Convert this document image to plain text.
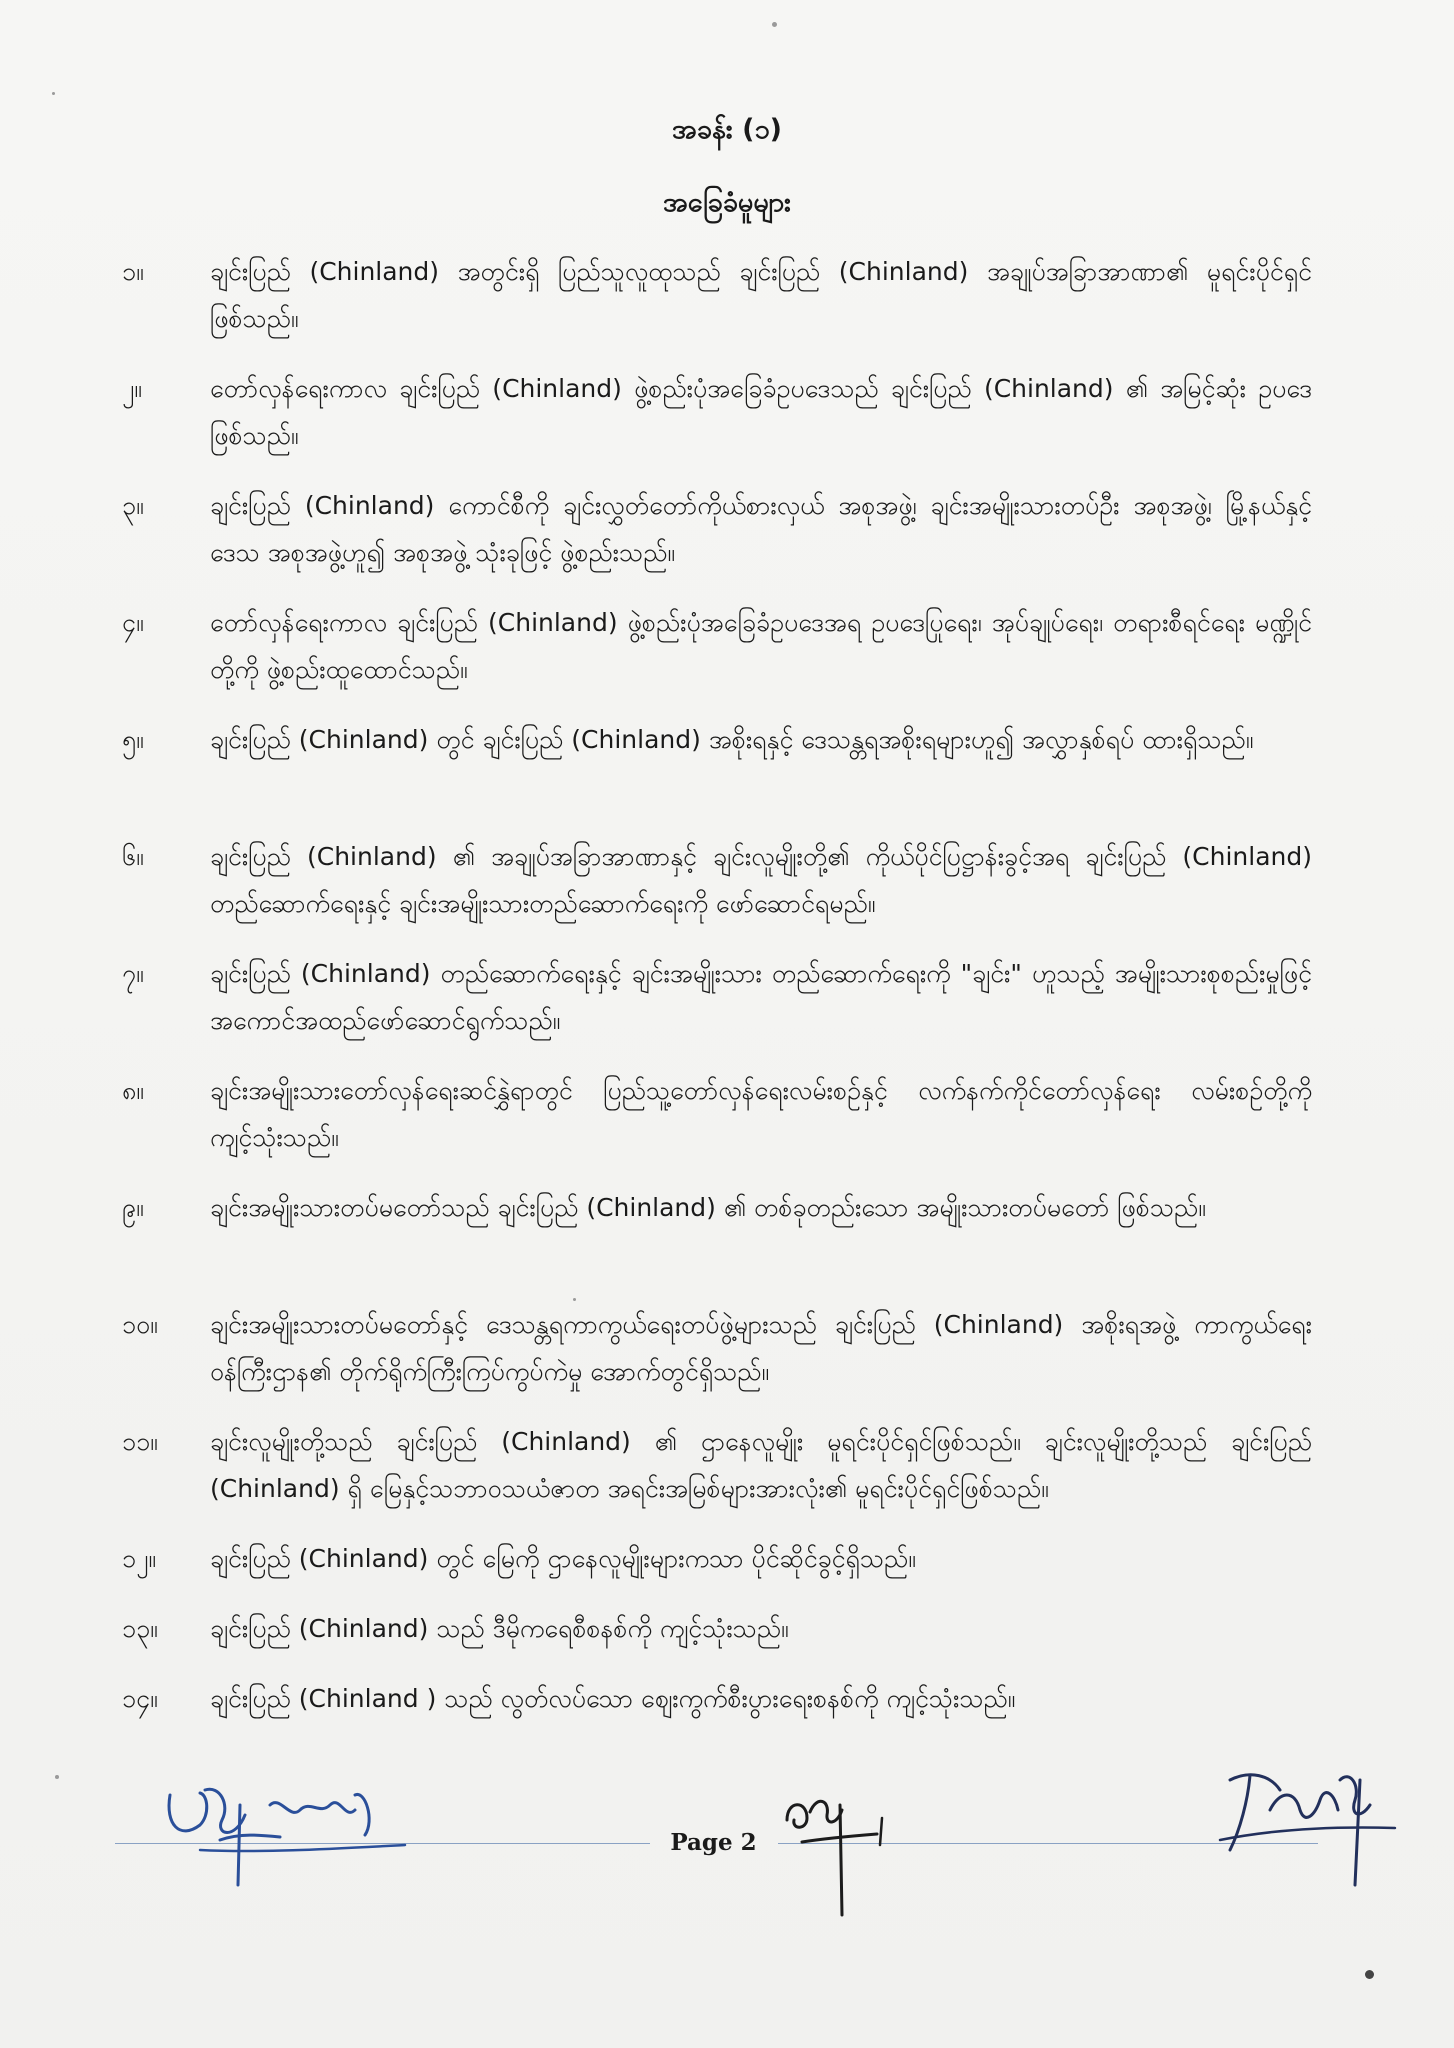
အခန်း (၁)
အခြေခံမူများ
၁။	ချင်းပြည် (Chinland) အတွင်းရှိ ပြည်သူလူထုသည် ချင်းပြည် (Chinland) အချုပ်အခြာအာဏာ၏ မူရင်းပိုင်ရှင် ဖြစ်သည်။
၂။	တော်လှန်ရေးကာလ ချင်းပြည် (Chinland) ဖွဲ့စည်းပုံအခြေခံဥပဒေသည် ချင်းပြည် (Chinland) ၏ အမြင့်ဆုံး ဥပဒေဖြစ်သည်။
၃။	ချင်းပြည် (Chinland) ကောင်စီကို ချင်းလွှတ်တော်ကိုယ်စားလှယ် အစုအဖွဲ့၊ ချင်းအမျိုးသားတပ်ဦး အစုအဖွဲ့၊ မြို့နယ်နှင့်ဒေသ အစုအဖွဲ့ဟူ၍ အစုအဖွဲ့ သုံးခုဖြင့် ဖွဲ့စည်းသည်။
၄။	တော်လှန်ရေးကာလ ချင်းပြည် (Chinland) ဖွဲ့စည်းပုံအခြေခံဥပဒေအရ ဥပဒေပြုရေး၊ အုပ်ချုပ်ရေး၊ တရားစီရင်ရေး မဏ္ဍိုင်တို့ကို ဖွဲ့စည်းထူထောင်သည်။
၅။	ချင်းပြည် (Chinland) တွင် ချင်းပြည် (Chinland) အစိုးရနှင့် ဒေသန္တရအစိုးရများဟူ၍ အလွှာနှစ်ရပ် ထားရှိသည်။
၆။	ချင်းပြည် (Chinland) ၏ အချုပ်အခြာအာဏာနှင့် ချင်းလူမျိုးတို့၏ ကိုယ်ပိုင်ပြဋ္ဌာန်းခွင့်အရ ချင်းပြည် (Chinland) တည်ဆောက်ရေးနှင့် ချင်းအမျိုးသားတည်ဆောက်ရေးကို ဖော်ဆောင်ရမည်။
၇။	ချင်းပြည် (Chinland) တည်ဆောက်ရေးနှင့် ချင်းအမျိုးသား တည်ဆောက်ရေးကို "ချင်း" ဟူသည့် အမျိုးသားစုစည်းမှုဖြင့် အကောင်အထည်ဖော်ဆောင်ရွက်သည်။
၈။	ချင်းအမျိုးသားတော်လှန်ရေးဆင်နွှဲရာတွင် ပြည်သူ့တော်လှန်ရေးလမ်းစဉ်နှင့် လက်နက်ကိုင်တော်လှန်ရေး လမ်းစဉ်တို့ကို ကျင့်သုံးသည်။
၉။	ချင်းအမျိုးသားတပ်မတော်သည် ချင်းပြည် (Chinland) ၏ တစ်ခုတည်းသော အမျိုးသားတပ်မတော် ဖြစ်သည်။
၁၀။	ချင်းအမျိုးသားတပ်မတော်နှင့် ဒေသန္တရကာကွယ်ရေးတပ်ဖွဲ့များသည် ချင်းပြည် (Chinland) အစိုးရအဖွဲ့ ကာကွယ်ရေး ဝန်ကြီးဌာန၏ တိုက်ရိုက်ကြီးကြပ်ကွပ်ကဲမှု အောက်တွင်ရှိသည်။
၁၁။	ချင်းလူမျိုးတို့သည် ချင်းပြည် (Chinland) ၏ ဌာနေလူမျိုး မူရင်းပိုင်ရှင်ဖြစ်သည်။ ချင်းလူမျိုးတို့သည် ချင်းပြည် (Chinland) ရှိ မြေနှင့်သဘာဝသယံဇာတ အရင်းအမြစ်များအားလုံး၏ မူရင်းပိုင်ရှင်ဖြစ်သည်။
၁၂။	ချင်းပြည် (Chinland) တွင် မြေကို ဌာနေလူမျိုးများကသာ ပိုင်ဆိုင်ခွင့်ရှိသည်။
၁၃။	ချင်းပြည် (Chinland) သည် ဒီမိုကရေစီစနစ်ကို ကျင့်သုံးသည်။
၁၄။	ချင်းပြည် (Chinland ) သည် လွတ်လပ်သော ဈေးကွက်စီးပွားရေးစနစ်ကို ကျင့်သုံးသည်။
Page 2
